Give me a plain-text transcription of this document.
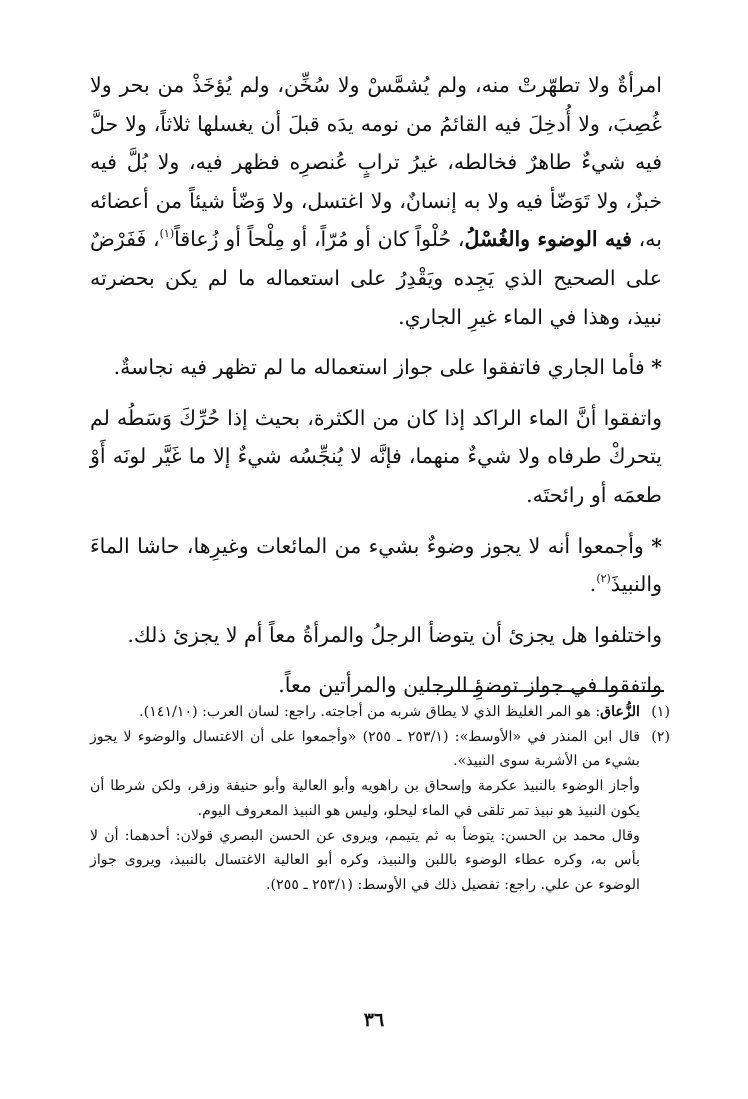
امرأةٌ ولا تطهّرتْ منه، ولم يُشمَّسْ ولا سُخِّن، ولم يُؤخَذْ من بحر ولا غُصِبَ، ولا أُدخِلَ فيه القائمُ من نومه يدَه قبلَ أن يغسلها ثلاثاً، ولا حلَّ فيه شيءٌ طاهرٌ فخالطه، غيرُ ترابٍ عُنصرِه فظهر فيه، ولا بُلَّ فيه خبزٌ، ولا تَوَضّأ فيه ولا به إنسانٌ، ولا اغتسل، ولا وَضّأ شيئاً من أعضائه به، فيه الوضوء والغُسْلُ، حُلْواً كان أو مُرّاً، أو مِلْحاً أو زُعاقاً$^{(١)}$، فَفَرْضٌ على الصحيح الذي يَجِده ويَقْدِرُ على استعماله ما لم يكن بحضرته نبيذ، وهذا في الماء غيرِ الجاري.

* فأما الجاري فاتفقوا على جواز استعماله ما لم تظهر فيه نجاسةٌ.

واتفقوا أنَّ الماء الراكد إذا كان من الكثرة، بحيث إذا حُرِّكَ وَسَطُه لم يتحركْ طرفاه ولا شيءٌ منهما، فإنَّه لا يُنجِّسُه شيءٌ إلا ما غَيَّر لونَه أَوْ طعمَه أو رائحتَه.

* وأجمعوا أنه لا يجوز وضوءٌ بشيء من المائعات وغيرِها، حاشا الماءَ والنبيذَ$^{(٢)}$.

واختلفوا هل يجزئ أن يتوضأ الرجلُ والمرأةُ معاً أم لا يجزئ ذلك.

واتفقوا في جواز توضؤِ الرجلين والمرأتين معاً.

(١)

الزُّعاق: هو المر الغليظ الذي لا يطاق شربه من أجاجته. راجع: لسان العرب: (١٤١/١٠).

(٢)

قال ابن المنذر في «الأوسط»: (٢٥٣/١ ـ ٢٥٥) «وأجمعوا على أن الاغتسال والوضوء لا يجوز بشيء من الأشربة سوى النبيذ».

وأجاز الوضوء بالنبيذ عكرمة وإسحاق بن راهويه وأبو العالية وأبو حنيفة وزفر، ولكن شرطا أن يكون النبيذ هو نبيذ تمر تلقى في الماء ليحلو، وليس هو النبيذ المعروف اليوم.

وقال محمد بن الحسن: يتوضأ به ثم يتيمم، ويروى عن الحسن البصري قولان: أحدهما: أن لا بأس به، وكره عطاء الوضوء باللبن والنبيذ، وكره أبو العالية الاغتسال بالنبيذ، ويروى جواز الوضوء عن علي. راجع: تفصيل ذلك في الأوسط: (٢٥٣/١ ـ ٢٥٥).

٣٦
